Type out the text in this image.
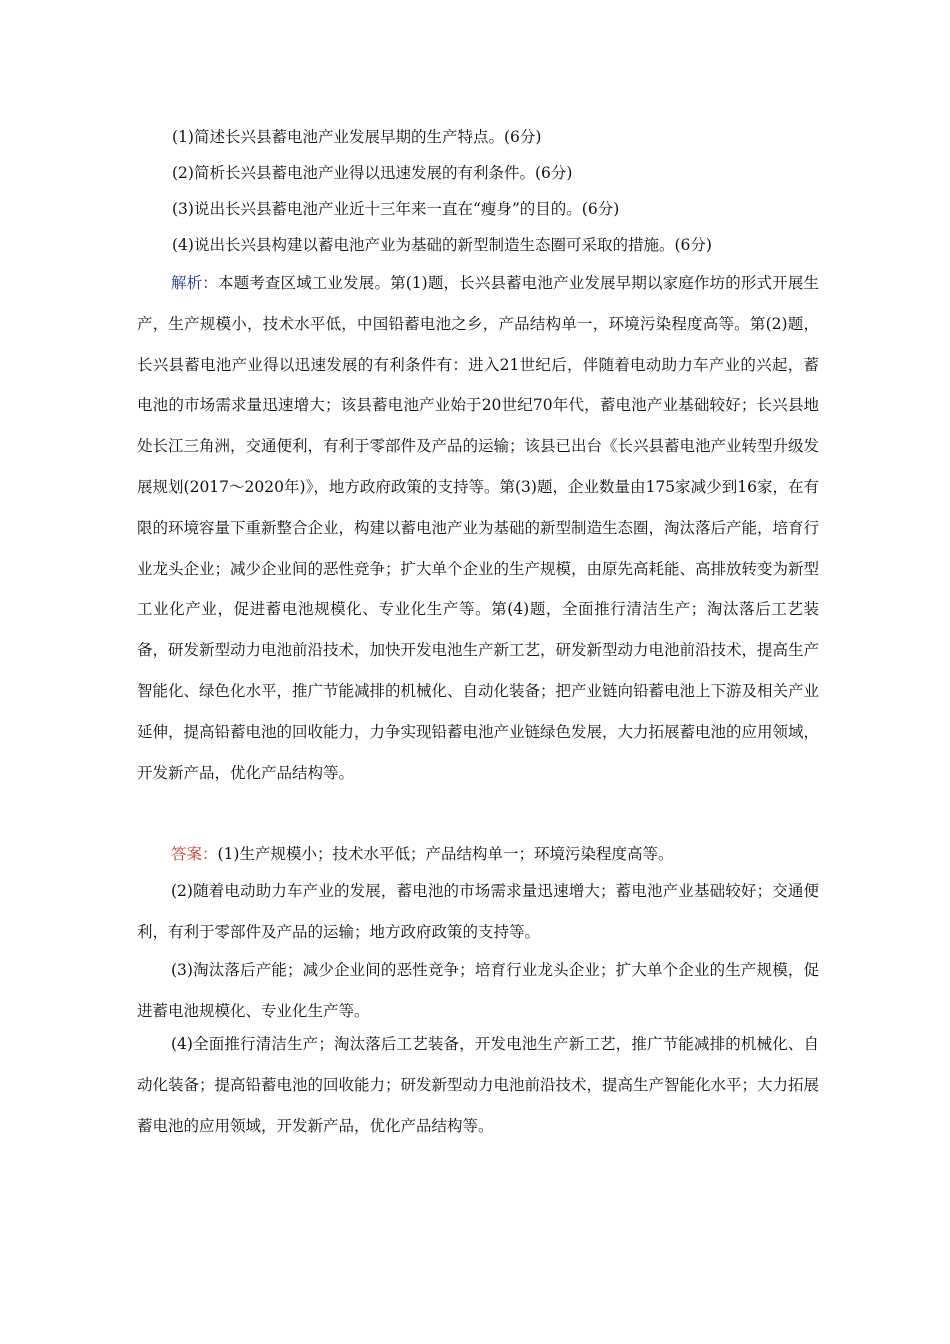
(1)简述长兴县蓄电池产业发展早期的生产特点。(6分)
(2)简析长兴县蓄电池产业得以迅速发展的有利条件。(6分)
(3)说出长兴县蓄电池产业近十三年来一直在“瘦身”的目的。(6分)
(4)说出长兴县构建以蓄电池产业为基础的新型制造生态圈可采取的措施。(6分)
解析：本题考查区域工业发展。第(1)题，长兴县蓄电池产业发展早期以家庭作坊的形式开展生产，生产规模小，技术水平低，中国铅蓄电池之乡，产品结构单一，环境污染程度高等。第(2)题，长兴县蓄电池产业得以迅速发展的有利条件有：进入21世纪后，伴随着电动助力车产业的兴起，蓄电池的市场需求量迅速增大；该县蓄电池产业始于20世纪70年代，蓄电池产业基础较好；长兴县地处长江三角洲，交通便利，有利于零部件及产品的运输；该县已出台《长兴县蓄电池产业转型升级发展规划(2017～2020年)》，地方政府政策的支持等。第(3)题，企业数量由175家减少到16家，在有限的环境容量下重新整合企业，构建以蓄电池产业为基础的新型制造生态圈，淘汰落后产能，培育行业龙头企业；减少企业间的恶性竞争；扩大单个企业的生产规模，由原先高耗能、高排放转变为新型工业化产业，促进蓄电池规模化、专业化生产等。第(4)题，全面推行清洁生产；淘汰落后工艺装备，研发新型动力电池前沿技术，加快开发电池生产新工艺，研发新型动力电池前沿技术，提高生产智能化、绿色化水平，推广节能减排的机械化、自动化装备；把产业链向铅蓄电池上下游及相关产业延伸，提高铅蓄电池的回收能力，力争实现铅蓄电池产业链绿色发展，大力拓展蓄电池的应用领域，开发新产品，优化产品结构等。
答案：(1)生产规模小；技术水平低；产品结构单一；环境污染程度高等。
(2)随着电动助力车产业的发展，蓄电池的市场需求量迅速增大；蓄电池产业基础较好；交通便利，有利于零部件及产品的运输；地方政府政策的支持等。
(3)淘汰落后产能；减少企业间的恶性竞争；培育行业龙头企业；扩大单个企业的生产规模，促进蓄电池规模化、专业化生产等。
(4)全面推行清洁生产；淘汰落后工艺装备，开发电池生产新工艺，推广节能减排的机械化、自动化装备；提高铅蓄电池的回收能力；研发新型动力电池前沿技术，提高生产智能化水平；大力拓展蓄电池的应用领域，开发新产品，优化产品结构等。
